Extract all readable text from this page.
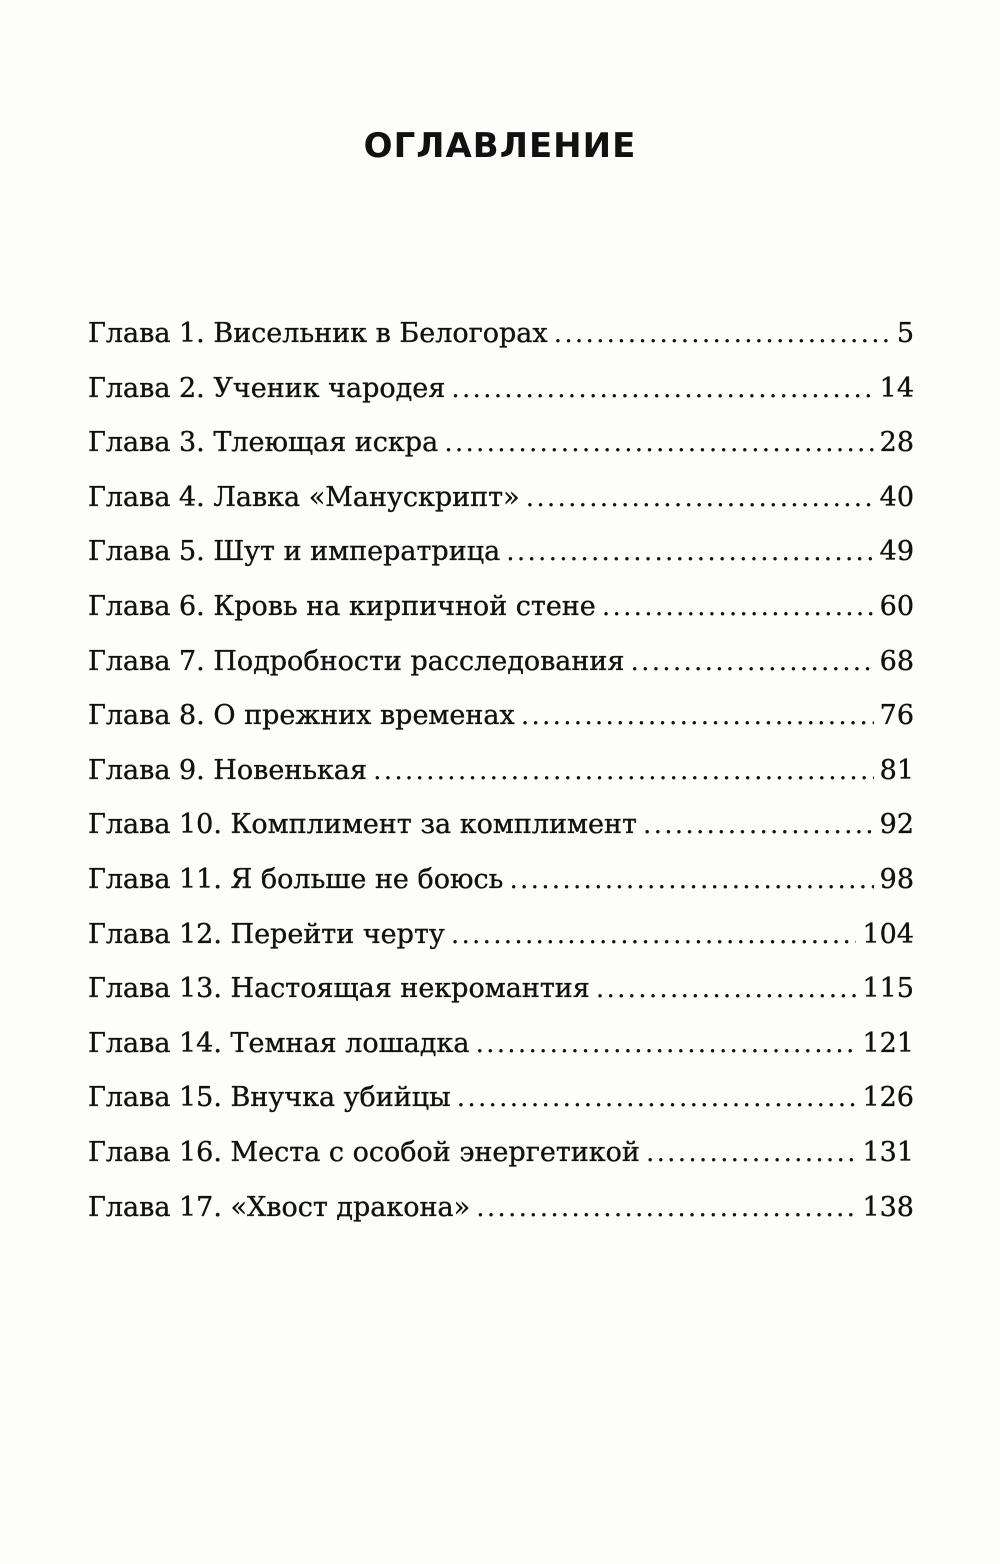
ОГЛАВЛЕНИЕ
Глава 1. Висельник в Белогорах .....	5
Глава 2. Ученик чародея .....	14
Глава 3. Тлеющая искра .....	28
Глава 4. Лавка «Манускрипт» .....	40
Глава 5. Шут и императрица .....	49
Глава 6. Кровь на кирпичной стене .....	60
Глава 7. Подробности расследования .....	68
Глава 8. О прежних временах .....	76
Глава 9. Новенькая .....	81
Глава 10. Комплимент за комплимент .....	92
Глава 11. Я больше не боюсь .....	98
Глава 12. Перейти черту .....	104
Глава 13. Настоящая некромантия .....	115
Глава 14. Темная лошадка .....	121
Глава 15. Внучка убийцы .....	126
Глава 16. Места с особой энергетикой .....	131
Глава 17. «Хвост дракона» .....	138
